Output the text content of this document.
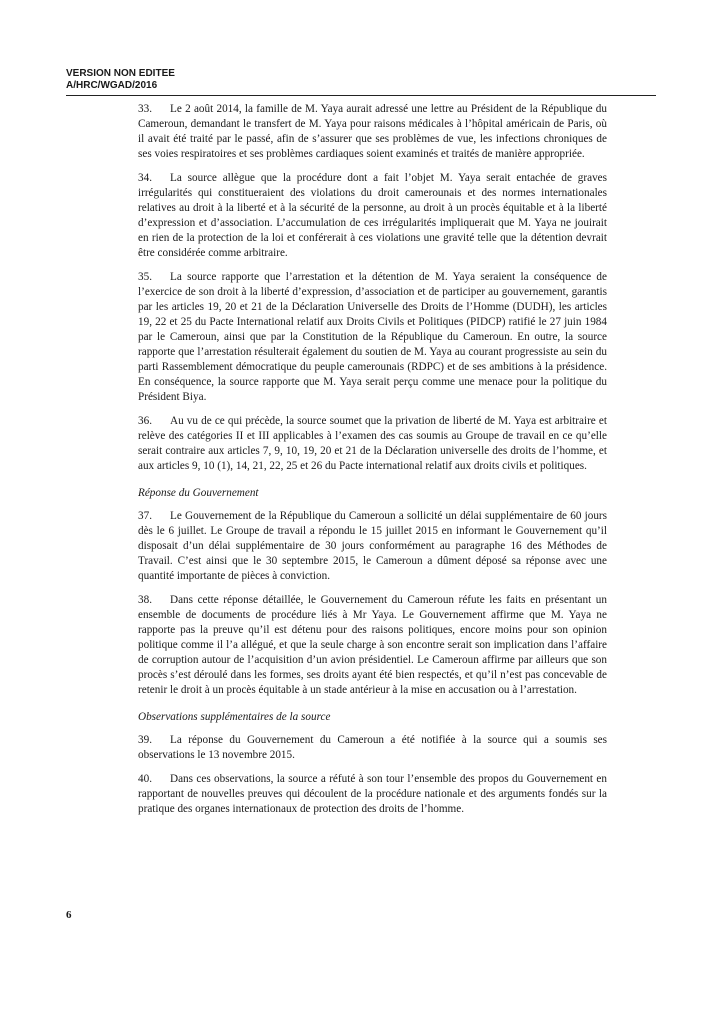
VERSION NON EDITEE
A/HRC/WGAD/2016

33. Le 2 août 2014, la famille de M. Yaya aurait adressé une lettre au Président de la République du Cameroun, demandant le transfert de M. Yaya pour raisons médicales à l’hôpital américain de Paris, où il avait été traité par le passé, afin de s’assurer que ses problèmes de vue, les infections chroniques de ses voies respiratoires et ses problèmes cardiaques soient examinés et traités de manière appropriée.

34. La source allègue que la procédure dont a fait l’objet M. Yaya serait entachée de graves irrégularités qui constitueraient des violations du droit camerounais et des normes internationales relatives au droit à la liberté et à la sécurité de la personne, au droit à un procès équitable et à la liberté d’expression et d’association. L’accumulation de ces irrégularités impliquerait que M. Yaya ne jouirait en rien de la protection de la loi et conférerait à ces violations une gravité telle que la détention devrait être considérée comme arbitraire.

35. La source rapporte que l’arrestation et la détention de M. Yaya seraient la conséquence de l’exercice de son droit à la liberté d’expression, d’association et de participer au gouvernement, garantis par les articles 19, 20 et 21 de la Déclaration Universelle des Droits de l’Homme (DUDH), les articles 19, 22 et 25 du Pacte International relatif aux Droits Civils et Politiques (PIDCP) ratifié le 27 juin 1984 par le Cameroun, ainsi que par la Constitution de la République du Cameroun. En outre, la source rapporte que l’arrestation résulterait également du soutien de M. Yaya au courant progressiste au sein du parti Rassemblement démocratique du peuple camerounais (RDPC) et de ses ambitions à la présidence. En conséquence, la source rapporte que M. Yaya serait perçu comme une menace pour la politique du Président Biya.

36. Au vu de ce qui précède, la source soumet que la privation de liberté de M. Yaya est arbitraire et relève des catégories II et III applicables à l’examen des cas soumis au Groupe de travail en ce qu’elle serait contraire aux articles 7, 9, 10, 19, 20 et 21 de la Déclaration universelle des droits de l’homme, et aux articles 9, 10 (1), 14, 21, 22, 25 et 26 du Pacte international relatif aux droits civils et politiques.

Réponse du Gouvernement

37. Le Gouvernement de la République du Cameroun a sollicité un délai supplémentaire de 60 jours dès le 6 juillet. Le Groupe de travail a répondu le 15 juillet 2015 en informant le Gouvernement qu’il disposait d’un délai supplémentaire de 30 jours conformément au paragraphe 16 des Méthodes de Travail. C’est ainsi que le 30 septembre 2015, le Cameroun a dûment déposé sa réponse avec une quantité importante de pièces à conviction.

38. Dans cette réponse détaillée, le Gouvernement du Cameroun réfute les faits en présentant un ensemble de documents de procédure liés à Mr Yaya. Le Gouvernement affirme que M. Yaya ne rapporte pas la preuve qu’il est détenu pour des raisons politiques, encore moins pour son opinion politique comme il l’a allégué, et que la seule charge à son encontre serait son implication dans l’affaire de corruption autour de l’acquisition d’un avion présidentiel. Le Cameroun affirme par ailleurs que son procès s’est déroulé dans les formes, ses droits ayant été bien respectés, et qu’il n’est pas concevable de retenir le droit à un procès équitable à un stade antérieur à la mise en accusation ou à l’arrestation.

Observations supplémentaires de la source

39. La réponse du Gouvernement du Cameroun a été notifiée à la source qui a soumis ses observations le 13 novembre 2015.

40. Dans ces observations, la source a réfuté à son tour l’ensemble des propos du Gouvernement en rapportant de nouvelles preuves qui découlent de la procédure nationale et des arguments fondés sur la pratique des organes internationaux de protection des droits de l’homme.

6
